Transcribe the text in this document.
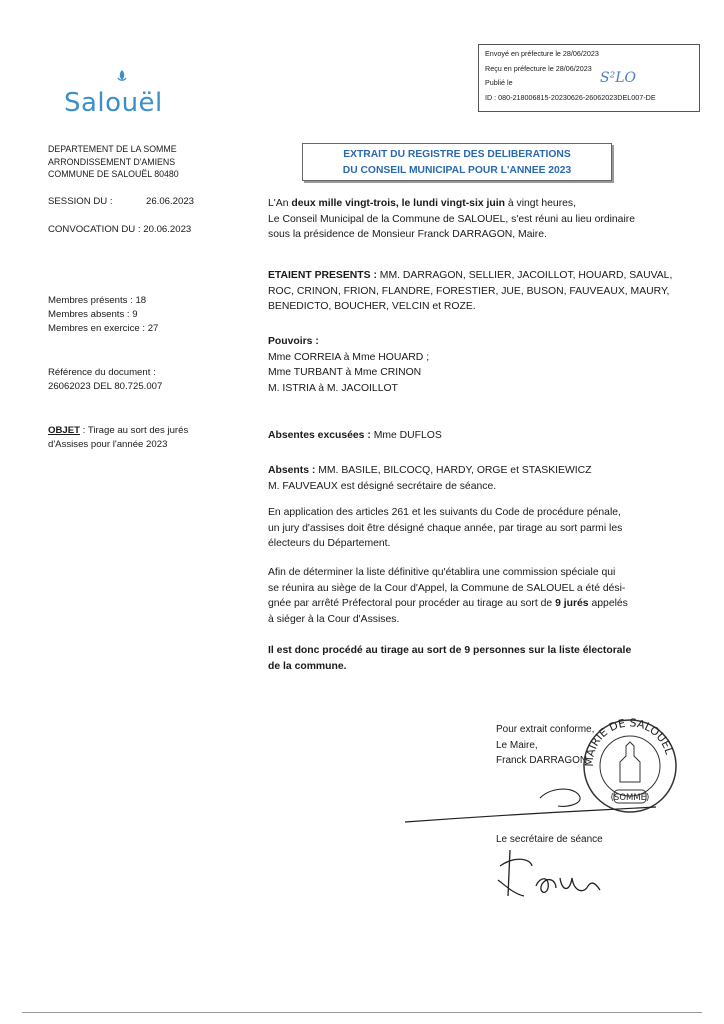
Salouël
Envoyé en préfecture le 28/06/2023
Reçu en préfecture le 28/06/2023
Publié le
ID : 080-218006815-20230626-26062023DEL007-DE
S²LO
DEPARTEMENT DE LA SOMME
ARRONDISSEMENT D'AMIENS
COMMUNE DE SALOUËL 80480
SESSION DU :	26.06.2023
CONVOCATION DU : 20.06.2023
Membres présents : 18
Membres absents : 9
Membres en exercice : 27
Référence du document :
26062023 DEL 80.725.007
OBJET : Tirage au sort des jurés
d'Assises pour l'année 2023
EXTRAIT DU REGISTRE DES DELIBERATIONS
DU CONSEIL MUNICIPAL POUR L'ANNEE 2023
L'An deux mille vingt-trois, le lundi vingt-six juin à vingt heures,
Le Conseil Municipal de la Commune de SALOUEL, s'est réuni au lieu ordinaire
sous la présidence de Monsieur Franck DARRAGON, Maire.
ETAIENT PRESENTS : MM. DARRAGON, SELLIER, JACOILLOT, HOUARD, SAUVAL,
ROC, CRINON, FRION, FLANDRE, FORESTIER, JUE, BUSON, FAUVEAUX, MAURY,
BENEDICTO, BOUCHER, VELCIN et ROZE.
Pouvoirs :
Mme CORREIA à Mme HOUARD ;
Mme TURBANT à Mme CRINON
M. ISTRIA à M. JACOILLOT
Absentes excusées : Mme DUFLOS
Absents : MM. BASILE, BILCOCQ, HARDY, ORGE et STASKIEWICZ
M. FAUVEAUX est désigné secrétaire de séance.
En application des articles 261 et les suivants du Code de procédure pénale,
un jury d'assises doit être désigné chaque année, par tirage au sort parmi les
électeurs du Département.
Afin de déterminer la liste définitive qu'établira une commission spéciale qui
se réunira au siège de la Cour d'Appel, la Commune de SALOUEL a été dési-
gnée par arrêté Préfectoral pour procéder au tirage au sort de 9 jurés appelés
à siéger à la Cour d'Assises.
Il est donc procédé au tirage au sort de 9 personnes sur la liste électorale
de la commune.
Pour extrait conforme,
Le Maire,
Franck DARRAGON
MAIRIE DE SALOUEL
(SOMME)
Le secrétaire de séance
